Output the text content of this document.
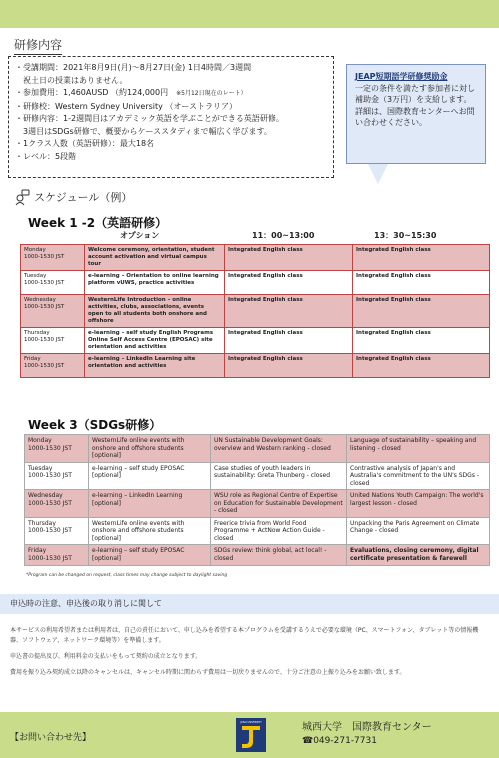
研修内容
・受講期間：2021年8月9日(月)〜8月27日(金) 1日4時間／3週間
　祝土日の授業はありません。
・参加費用：1,460AUSD （約124,000円　 ※5月12日現在のレート）
・研修校：Western Sydney University （オーストラリア）
・研修内容：1-2週間目はアカデミック英語を学ぶことができる英語研修。
　3週目はSDGs研修で、概要からケーススタディまで幅広く学びます。
・1クラス人数（英語研修）：最大18名
・レベル：5段階
JEAP短期語学研修奨励金
一定の条件を満たす参加者に対し補助金（3万円）を支給します。詳細は、国際教育センターへお問い合わせください。
スケジュール（例）
Week 1 -2（英語研修）
オプション	11：00~13:00	13：30~15:30
Monday
1000-1530 JST	Welcome ceremony, orientation, student account activation and virtual campus tour	Integrated English class	Integrated English class
Tuesday
1000-1530 JST	e-learning – Orientation to online learning platform vUWS, practice activities	Integrated English class	Integrated English class
Wednesday
1000-1530 JST	WesternLife Introduction – online activities, clubs, associations, events open to all students both onshore and offshore	Integrated English class	Integrated English class
Thursday
1000-1530 JST	e-learning – self study English Programs Online Self Access Centre (EPOSAC) site orientation and activities	Integrated English class	Integrated English class
Friday
1000-1530 JST	e-learning – LinkedIn Learning site orientation and activities	Integrated English class	Integrated English class
Week 3（SDGs研修）
Monday
1000-1530 JST	WesternLife online events with onshore and offshore students [optional]	UN Sustainable Development Goals: overview and Western ranking - closed	Language of sustainability – speaking and listening - closed
Tuesday
1000-1530 JST	e-learning – self study EPOSAC [optional]	Case studies of youth leaders in sustainability: Greta Thunberg - closed	Contrastive analysis of Japan's and Australia's commitment to the UN's SDGs - closed
Wednesday
1000-1530 JST	e-learning – LinkedIn Learning [optional]	WSU role as Regional Centre of Expertise on Education for Sustainable Development - closed	United Nations Youth Campaign: The world's largest lesson - closed
Thursday
1000-1530 JST	WesternLife online events with onshore and offshore students [optional]	Freerice trivia from World Food Programme + ActNow Action Guide - closed	Unpacking the Paris Agreement on Climate Change - closed
Friday
1000-1530 JST	e-learning – self study EPOSAC [optional]	SDGs review: think global, act local! - closed	Evaluations, closing ceremony, digital certificate presentation & farewell
*Program can be changed on request, class times may change subject to daylight saving
申込時の注意、申込後の取り消しに関して

本サービスの利用希望者または利用者は、自己の責任において、申し込みを希望する本プログラムを受講するうえで必要な環境（PC、スマートフォン、タブレット等の情報機器、ソフトウェア、ネットワーク環境等）を準備します。

申込書の提出及び、利用料金の支払いをもって契約の成立となります。

費用を振り込み契約成立以降のキャンセルは、キャンセル時期に関わらず費用は一切戻りませんので、十分ご注意の上振り込みをお願い致します。

【お問い合わせ先】
JOSAI UNIVERSITY	城西大学　国際教育センター
☎049-271-7731
